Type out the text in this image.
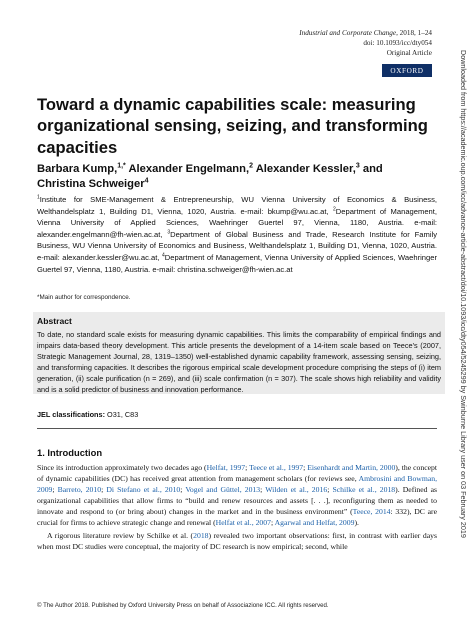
Industrial and Corporate Change, 2018, 1–24
doi: 10.1093/icc/dty054
Original Article
OXFORD
Toward a dynamic capabilities scale: measuring organizational sensing, seizing, and transforming capacities
Barbara Kump,$^{1,*}$ Alexander Engelmann,$^2$ Alexander Kessler,$^3$ and
Christina Schweiger$^4$
$^1$Institute for SME-Management & Entrepreneurship, WU Vienna University of Economics & Business, Welthandelsplatz 1, Building D1, Vienna, 1020, Austria. e-mail: bkump@wu.ac.at, $^2$Department of Management, Vienna University of Applied Sciences, Waehringer Guertel 97, Vienna, 1180, Austria. e-mail: alexander.engelmann@fh-wien.ac.at, $^3$Department of Global Business and Trade, Research Institute for Family Business, WU Vienna University of Economics and Business, Welthandelsplatz 1, Building D1, Vienna, 1020, Austria. e-mail: alexander.kessler@wu.ac.at, $^4$Department of Management, Vienna University of Applied Sciences, Waehringer Guertel 97, Vienna, 1180, Austria. e-mail: christina.schweiger@fh-wien.ac.at
*Main author for correspondence.
Abstract
To date, no standard scale exists for measuring dynamic capabilities. This limits the comparability of empirical findings and impairs data-based theory development. This article presents the development of a 14-item scale based on Teece’s (2007, Strategic Management Journal, 28, 1319–1350) well-established dynamic capability framework, assessing sensing, seizing, and transforming capacities. It describes the rigorous empirical scale development procedure comprising the steps of (i) item generation, (ii) scale purification (n = 269), and (iii) scale confirmation (n = 307). The scale shows high reliability and validity and is a solid predictor of business and innovation performance.
JEL classifications: O31, C83
1. Introduction

Since its introduction approximately two decades ago (Helfat, 1997; Teece et al., 1997; Eisenhardt and Martin, 2000), the concept of dynamic capabilities (DC) has received great attention from management scholars (for reviews see, Ambrosini and Bowman, 2009; Barreto, 2010; Di Stefano et al., 2010; Vogel and Güttel, 2013; Wilden et al., 2016; Schilke et al., 2018). Defined as organizational capabilities that allow firms to “build and renew resources and assets [. . .], reconfiguring them as needed to innovate and respond to (or bring about) changes in the market and in the business environment” (Teece, 2014: 332), DC are crucial for firms to achieve strategic change and renewal (Helfat et al., 2007; Agarwal and Helfat, 2009).

A rigorous literature review by Schilke et al. (2018) revealed two important observations: first, in contrast with earlier days when most DC studies were conceptual, the majority of DC research is now empirical; second, while

© The Author 2018. Published by Oxford University Press on behalf of Associazione ICC. All rights reserved.
Downloaded from https://academic.oup.com/icc/advance-article-abstract/doi/10.1093/icc/dty054/5245299 by Swinburne Library user on 03 February 2019
